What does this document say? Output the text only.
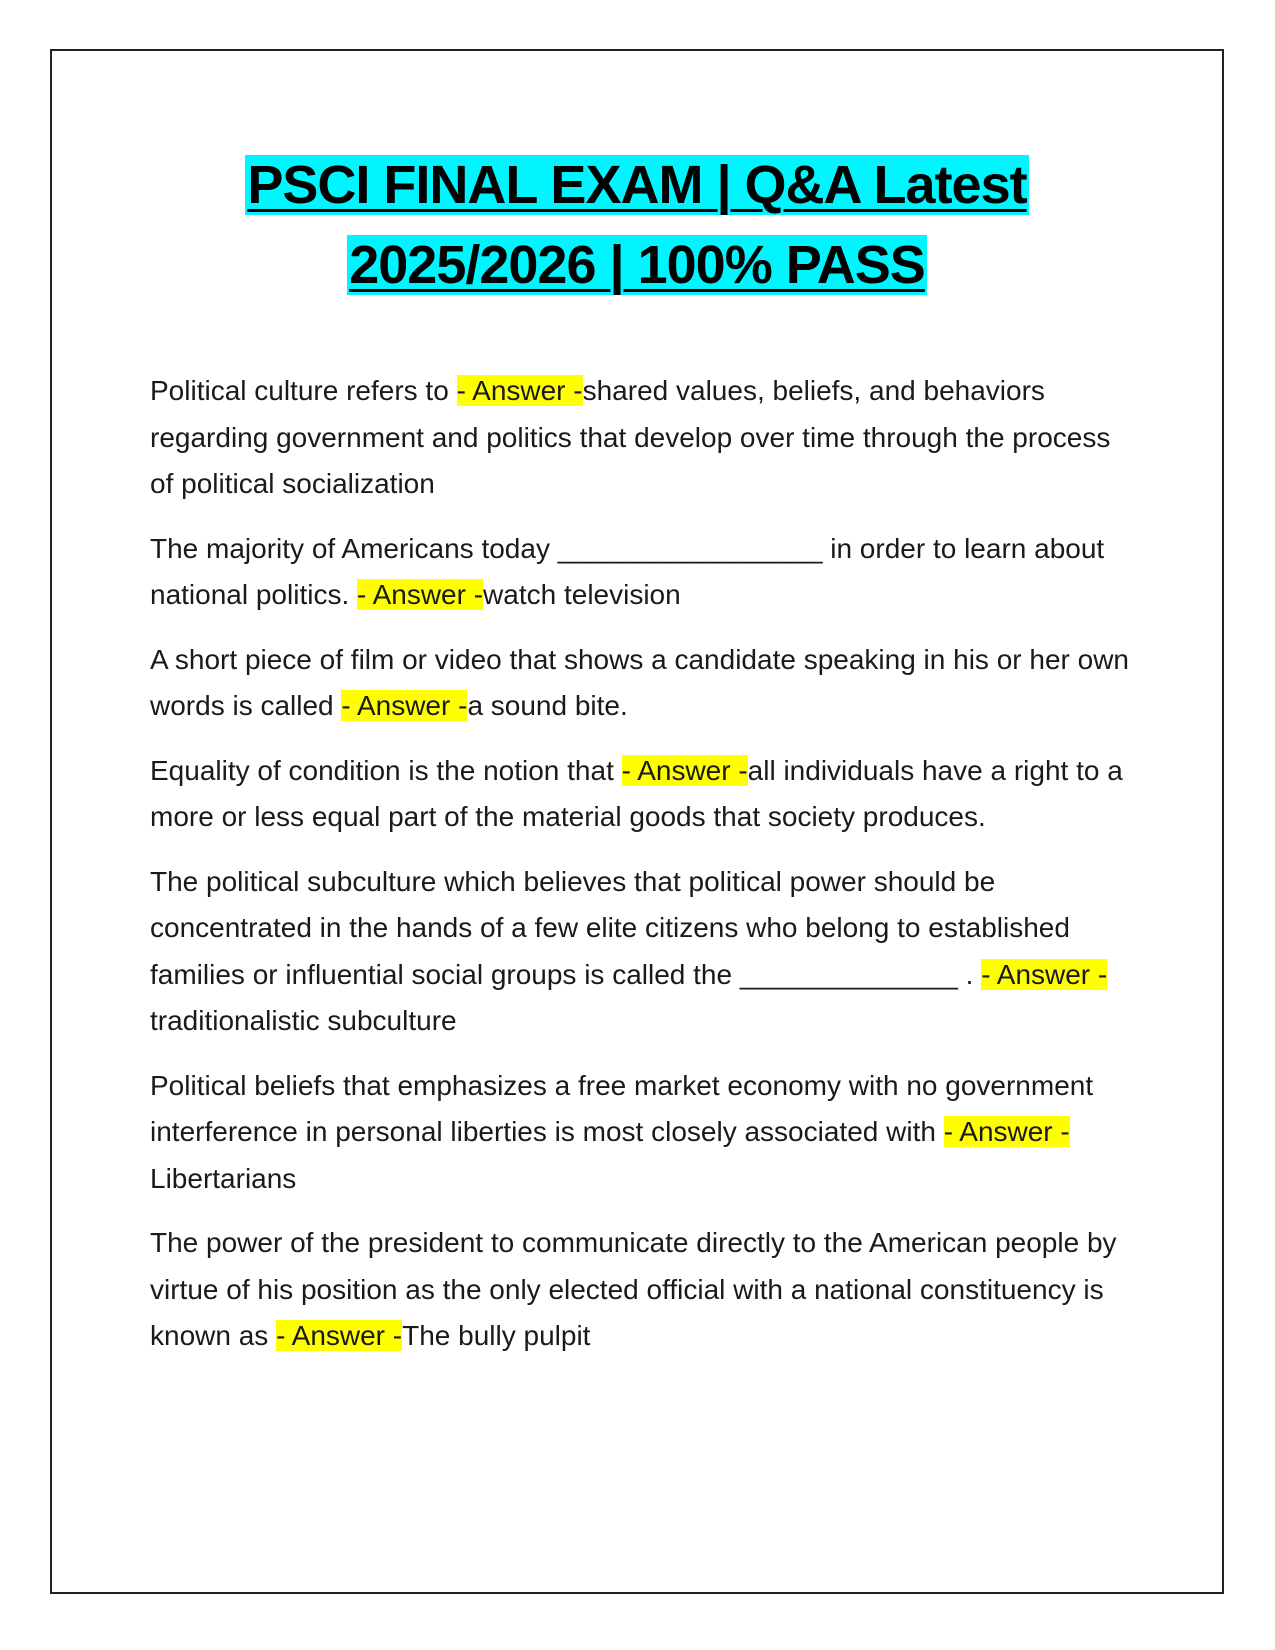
PSCI FINAL EXAM | Q&A Latest
2025/2026 | 100% PASS

Political culture refers to - Answer -shared values, beliefs, and behaviors regarding government and politics that develop over time through the process of political socialization

The majority of Americans today _________________ in order to learn about national politics. - Answer -watch television

A short piece of film or video that shows a candidate speaking in his or her own words is called - Answer -a sound bite.

Equality of condition is the notion that - Answer -all individuals have a right to a more or less equal part of the material goods that society produces.

The political subculture which believes that political power should be concentrated in the hands of a few elite citizens who belong to established families or influential social groups is called the ______________ . - Answer -traditionalistic subculture

Political beliefs that emphasizes a free market economy with no government interference in personal liberties is most closely associated with - Answer -Libertarians

The power of the president to communicate directly to the American people by virtue of his position as the only elected official with a national constituency is known as - Answer -The bully pulpit
